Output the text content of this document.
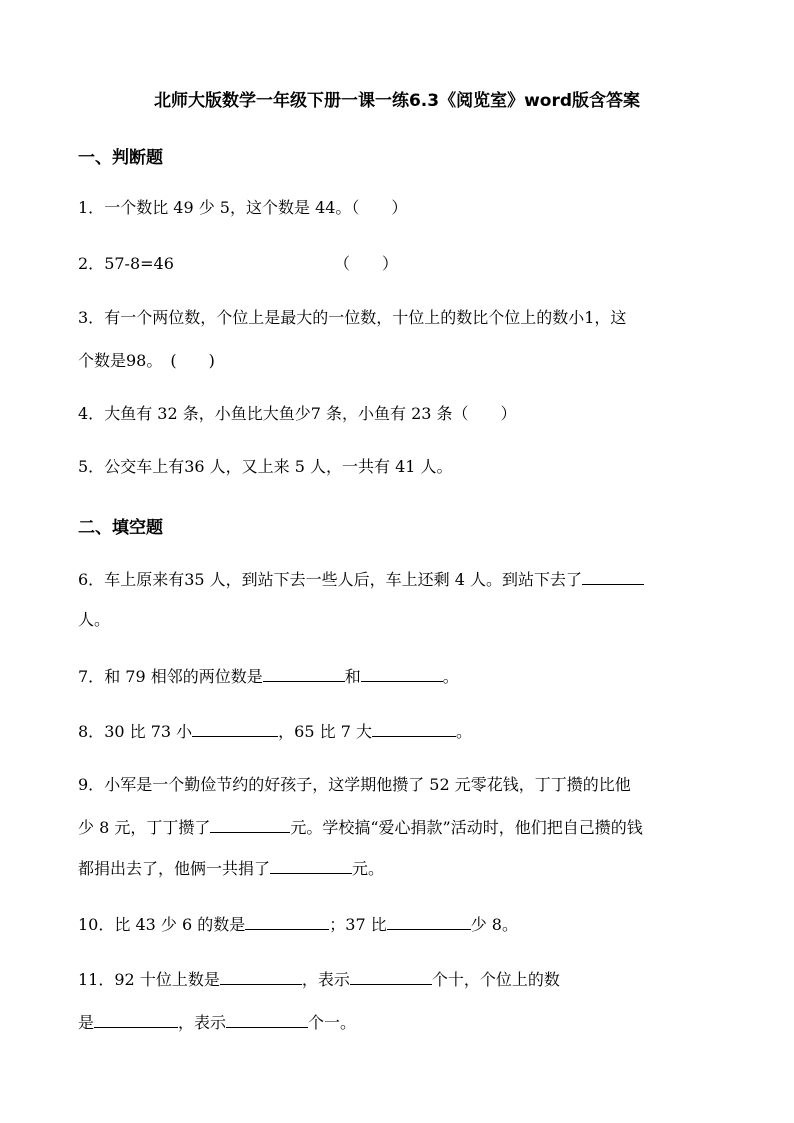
北师大版数学一年级下册一课一练6.3《阅览室》word版含答案
一、判断题
1．一个数比 49 少 5，这个数是 44。（　　）
2．57-8=46	（　　）
3．有一个两位数，个位上是最大的一位数，十位上的数比个位上的数小1，这
个数是98。　(　　)
4．大鱼有 32 条，小鱼比大鱼少7 条，小鱼有 23 条（　　）
5．公交车上有36 人，又上来 5 人，一共有 41 人。
二、填空题
6．车上原来有35 人，到站下去一些人后，车上还剩 4 人。到站下去了
人。
7．和 79 相邻的两位数是	和	。
8．30 比 73 小	，65 比 7 大	。
9．小军是一个勤俭节约的好孩子，这学期他攒了 52 元零花钱，丁丁攒的比他
少 8 元，丁丁攒了	元。学校搞“爱心捐款”活动时，他们把自己攒的钱
都捐出去了，他俩一共捐了	元。
10．比 43 少 6 的数是	；37 比	少 8。
11．92 十位上数是	，表示	个十，个位上的数
是	，表示	个一。
